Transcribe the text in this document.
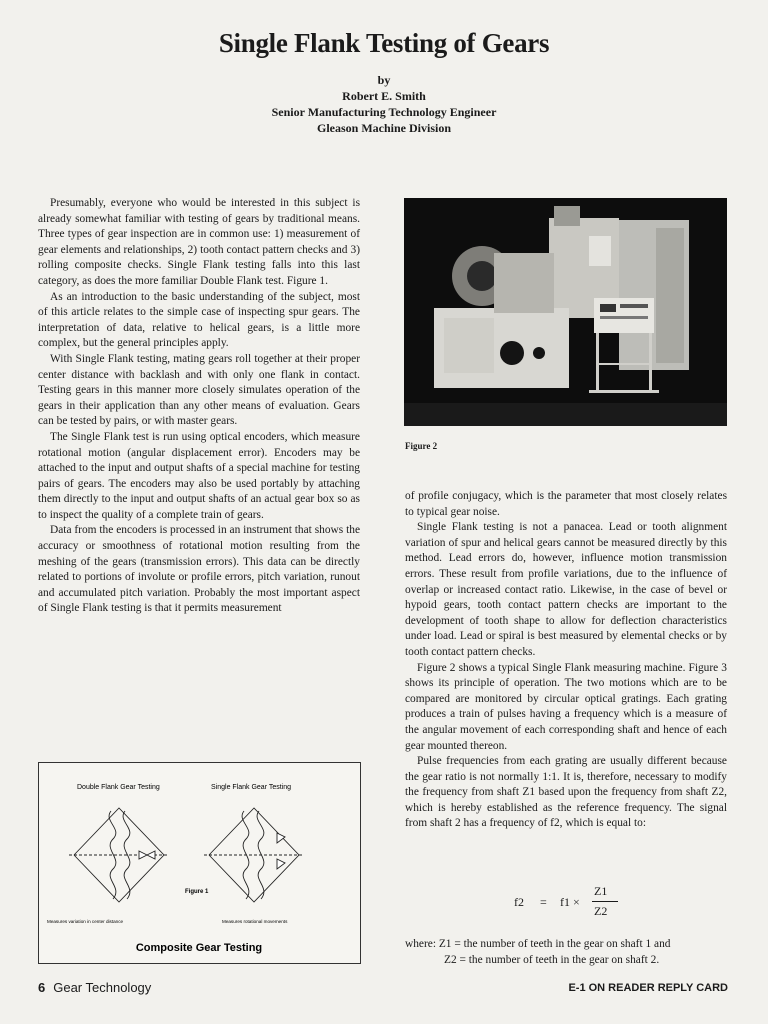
Single Flank Testing of Gears
by
Robert E. Smith
Senior Manufacturing Technology Engineer
Gleason Machine Division

Presumably, everyone who would be interested in this subject is already somewhat familiar with testing of gears by traditional means. Three types of gear inspection are in common use: 1) measurement of gear elements and relationships, 2) tooth contact pattern checks and 3) rolling composite checks. Single Flank testing falls into this last category, as does the more familiar Double Flank test. Figure 1.

As an introduction to the basic understanding of the subject, most of this article relates to the simple case of inspecting spur gears. The interpretation of data, relative to helical gears, is a little more complex, but the general principles apply.

With Single Flank testing, mating gears roll together at their proper center distance with backlash and with only one flank in contact. Testing gears in this manner more closely simulates operation of the gears in their application than any other means of evaluation. Gears can be tested by pairs, or with master gears.

The Single Flank test is run using optical encoders, which measure rotational motion (angular displacement error). Encoders may be attached to the input and output shafts of a special machine for testing pairs of gears. The encoders may also be used portably by attaching them directly to the input and output shafts of an actual gear box so as to inspect the quality of a complete train of gears.

Data from the encoders is processed in an instrument that shows the accuracy or smoothness of rotational motion resulting from the meshing of the gears (transmission errors). This data can be directly related to portions of involute or profile errors, pitch variation, runout and accumulated pitch variation. Probably the most important aspect of Single Flank testing is that it permits measurement

Figure 2

of profile conjugacy, which is the parameter that most closely relates to typical gear noise.

Single Flank testing is not a panacea. Lead or tooth alignment variation of spur and helical gears cannot be measured directly by this method. Lead errors do, however, influence motion transmission errors. These result from profile variations, due to the influence of overlap or increased contact ratio. Likewise, in the case of bevel or hypoid gears, tooth contact pattern checks are important to the development of tooth shape to allow for deflection characteristics under load. Lead or spiral is best measured by elemental checks or by tooth contact pattern checks.

Figure 2 shows a typical Single Flank measuring machine. Figure 3 shows its principle of operation. The two motions which are to be compared are monitored by circular optical gratings. Each grating produces a train of pulses having a frequency which is a measure of the angular movement of each corresponding shaft and hence of each gear mounted thereon.

Pulse frequencies from each grating are usually different because the gear ratio is not normally 1:1. It is, therefore, necessary to modify the frequency from shaft Z1 based upon the frequency from shaft Z2, which is hereby established as the reference frequency. The signal from shaft 2 has a frequency of f2, which is equal to:

f2 = f1 ×
Z1
Z2
where: Z1 = the number of teeth in the gear on shaft 1 and
Z2 = the number of teeth in the gear on shaft 2.
Double Flank Gear Testing	Single Flank Gear Testing
Figure 1
Measures variation in center distance	Measures rotational movements
Composite Gear Testing
6 Gear Technology	E-1 ON READER REPLY CARD
